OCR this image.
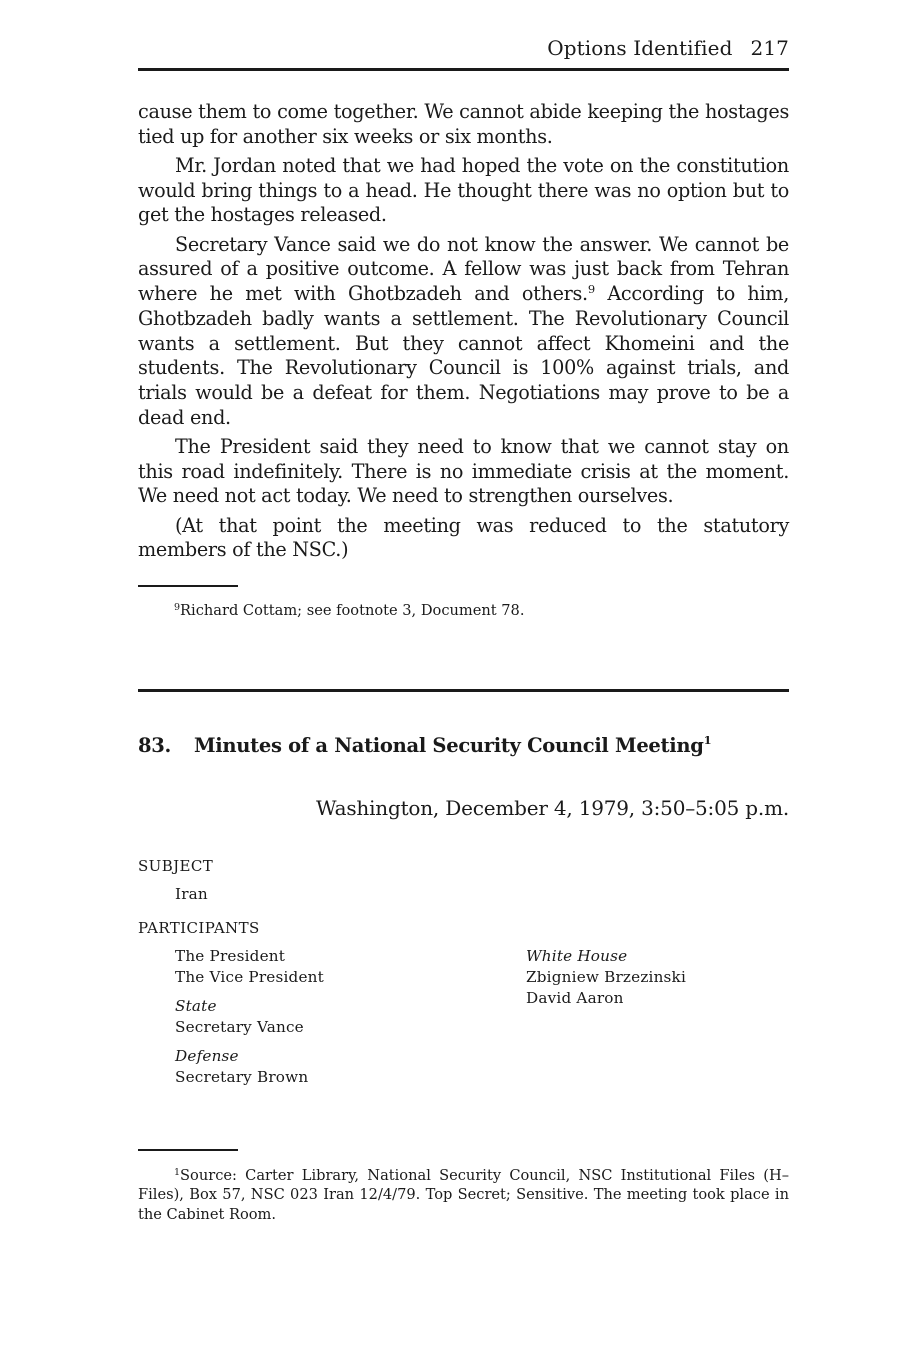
Options Identified 217

cause them to come together. We cannot abide keeping the hostages tied up for another six weeks or six months.

Mr. Jordan noted that we had hoped the vote on the constitution would bring things to a head. He thought there was no option but to get the hostages released.

Secretary Vance said we do not know the answer. We cannot be assured of a positive outcome. A fellow was just back from Tehran where he met with Ghotbzadeh and others.$^9$ According to him, Ghotbzadeh badly wants a settlement. The Revolutionary Council wants a settlement. But they cannot affect Khomeini and the students. The Revolutionary Council is 100% against trials, and trials would be a defeat for them. Negotiations may prove to be a dead end.

The President said they need to know that we cannot stay on this road indefinitely. There is no immediate crisis at the moment. We need not act today. We need to strengthen ourselves.

(At that point the meeting was reduced to the statutory members of the NSC.)

$^9$Richard Cottam; see footnote 3, Document 78.
83. Minutes of a National Security Council Meeting$^1$
Washington, December 4, 1979, 3:50–5:05 p.m.
SUBJECT
Iran
PARTICIPANTS
The President
The Vice President
State
Secretary Vance
Defense
Secretary Brown
White House
Zbigniew Brzezinski
David Aaron
$^1$Source: Carter Library, National Security Council, NSC Institutional Files (H–Files), Box 57, NSC 023 Iran 12/4/79. Top Secret; Sensitive. The meeting took place in the Cabinet Room.
